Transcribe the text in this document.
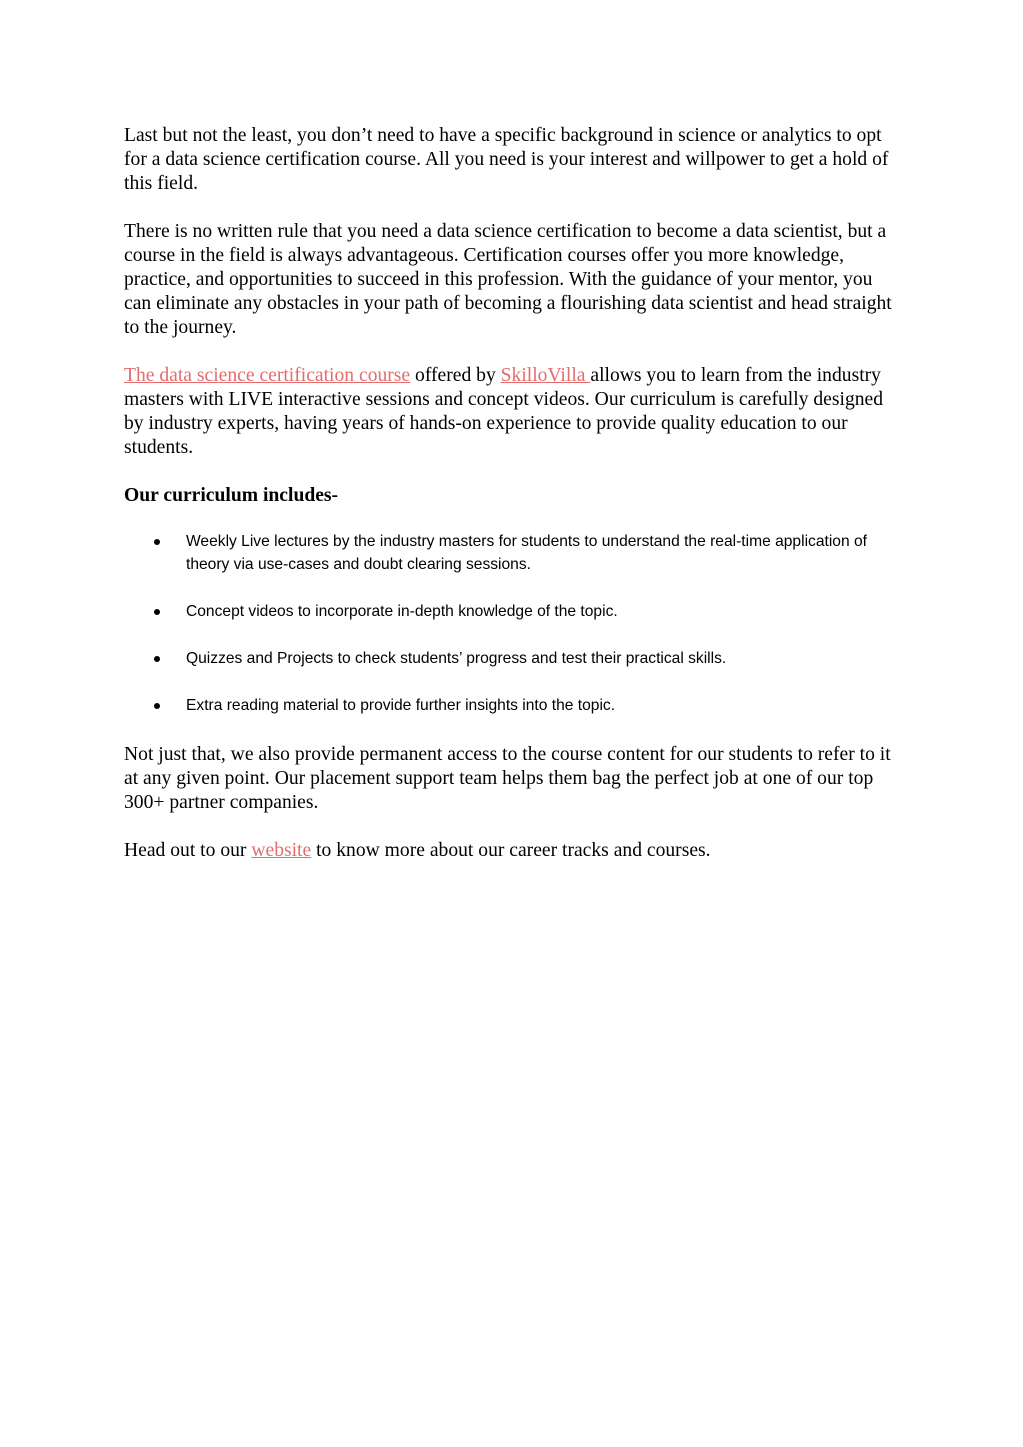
Last but not the least, you don’t need to have a specific background in science or analytics to opt for a data science certification course. All you need is your interest and willpower to get a hold of this field.

There is no written rule that you need a data science certification to become a data scientist, but a course in the field is always advantageous. Certification courses offer you more knowledge, practice, and opportunities to succeed in this profession. With the guidance of your mentor, you can eliminate any obstacles in your path of becoming a flourishing data scientist and head straight to the journey.

The data science certification course offered by SkilloVilla allows you to learn from the industry masters with LIVE interactive sessions and concept videos. Our curriculum is carefully designed by industry experts, having years of hands-on experience to provide quality education to our students.

Our curriculum includes-

Weekly Live lectures by the industry masters for students to understand the real-time application of theory via use-cases and doubt clearing sessions.
Concept videos to incorporate in-depth knowledge of the topic.
Quizzes and Projects to check students’ progress and test their practical skills.
Extra reading material to provide further insights into the topic.

Not just that, we also provide permanent access to the course content for our students to refer to it at any given point. Our placement support team helps them bag the perfect job at one of our top 300+ partner companies.

Head out to our website to know more about our career tracks and courses.
